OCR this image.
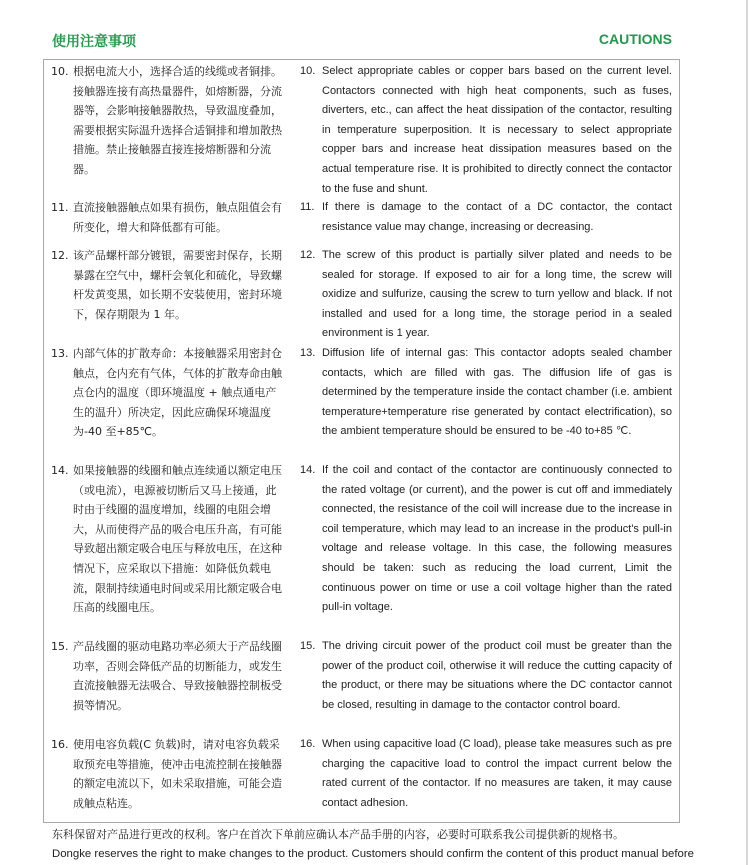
使用注意事项	CAUTIONS
10. 根据电流大小，选择合适的线缆或者铜排。接触器连接有高热量器件，如熔断器，分流器等，会影响接触器散热，导致温度叠加，需要根据实际温升选择合适铜排和增加散热措施。禁止接触器直接连接熔断器和分流器。
10. Select appropriate cables or copper bars based on the current level. Contactors connected with high heat components, such as fuses, diverters, etc., can affect the heat dissipation of the contactor, resulting in temperature superposition. It is necessary to select appropriate copper bars and increase heat dissipation measures based on the actual temperature rise. It is prohibited to directly connect the contactor to the fuse and shunt.
11. 直流接触器触点如果有损伤，触点阻值会有所变化，增大和降低都有可能。
11. If there is damage to the contact of a DC contactor, the contact resistance value may change, increasing or decreasing.
12. 该产品螺杆部分镀银，需要密封保存，长期暴露在空气中，螺杆会氧化和硫化，导致螺杆发黄变黑，如长期不安装使用，密封环境下，保存期限为 1 年。
12. The screw of this product is partially silver plated and needs to be sealed for storage. If exposed to air for a long time, the screw will oxidize and sulfurize, causing the screw to turn yellow and black. If not installed and used for a long time, the storage period in a sealed environment is 1 year.
13. 内部气体的扩散寿命：本接触器采用密封仓触点，仓内充有气体，气体的扩散寿命由触点仓内的温度（即环境温度 + 触点通电产生的温升）所决定，因此应确保环境温度为-40 至+85℃。
13. Diffusion life of internal gas: This contactor adopts sealed chamber contacts, which are filled with gas. The diffusion life of gas is determined by the temperature inside the contact chamber (i.e. ambient temperature+temperature rise generated by contact electrification), so the ambient temperature should be ensured to be -40 to+85 ℃.
14. 如果接触器的线圈和触点连续通以额定电压（或电流），电源被切断后又马上接通，此时由于线圈的温度增加，线圈的电阻会增大，从而使得产品的吸合电压升高，有可能导致超出额定吸合电压与释放电压，在这种情况下，应采取以下措施：如降低负载电流，限制持续通电时间或采用比额定吸合电压高的线圈电压。
14. If the coil and contact of the contactor are continuously connected to the rated voltage (or current), and the power is cut off and immediately connected, the resistance of the coil will increase due to the increase in coil temperature, which may lead to an increase in the product's pull-in voltage and release voltage. In this case, the following measures should be taken: such as reducing the load current, Limit the continuous power on time or use a coil voltage higher than the rated pull-in voltage.
15. 产品线圈的驱动电路功率必须大于产品线圈功率，否则会降低产品的切断能力，或发生直流接触器无法吸合、导致接触器控制板受损等情况。
15. The driving circuit power of the product coil must be greater than the power of the product coil, otherwise it will reduce the cutting capacity of the product, or there may be situations where the DC contactor cannot be closed, resulting in damage to the contactor control board.
16. 使用电容负载(C 负载)时，请对电容负载采取预充电等措施，使冲击电流控制在接触器的额定电流以下，如未采取措施，可能会造成触点粘连。
16. When using capacitive load (C load), please take measures such as pre charging the capacitive load to control the impact current below the rated current of the contactor. If no measures are taken, it may cause contact adhesion.
东科保留对产品进行更改的权利。客户在首次下单前应确认本产品手册的内容，必要时可联系我公司提供新的规格书。
Dongke reserves the right to make changes to the product. Customers should confirm the content of this product manual before
